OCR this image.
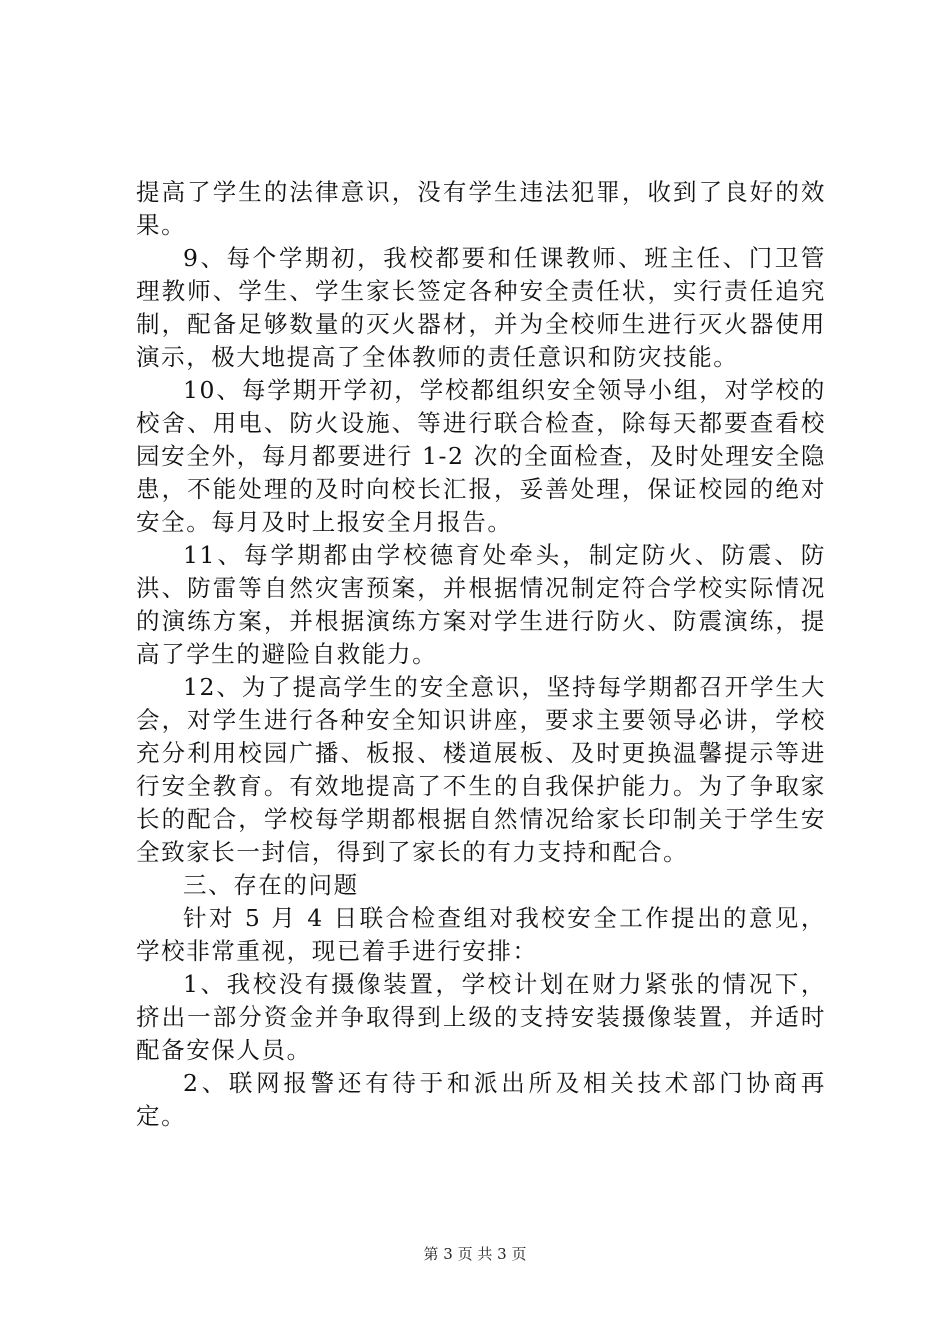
提高了学生的法律意识，没有学生违法犯罪，收到了良好的效果。

9、每个学期初，我校都要和任课教师、班主任、门卫管理教师、学生、学生家长签定各种安全责任状，实行责任追究制，配备足够数量的灭火器材，并为全校师生进行灭火器使用演示，极大地提高了全体教师的责任意识和防灾技能。

10、每学期开学初，学校都组织安全领导小组，对学校的校舍、用电、防火设施、等进行联合检查，除每天都要查看校园安全外，每月都要进行 1-2 次的全面检查，及时处理安全隐患，不能处理的及时向校长汇报，妥善处理，保证校园的绝对安全。每月及时上报安全月报告。

11、每学期都由学校德育处牵头，制定防火、防震、防洪、防雷等自然灾害预案，并根据情况制定符合学校实际情况的演练方案，并根据演练方案对学生进行防火、防震演练，提高了学生的避险自救能力。

12、为了提高学生的安全意识，坚持每学期都召开学生大会，对学生进行各种安全知识讲座，要求主要领导必讲，学校充分利用校园广播、板报、楼道展板、及时更换温馨提示等进行安全教育。有效地提高了不生的自我保护能力。为了争取家长的配合，学校每学期都根据自然情况给家长印制关于学生安全致家长一封信，得到了家长的有力支持和配合。

三、存在的问题

针对 5 月 4 日联合检查组对我校安全工作提出的意见，学校非常重视，现已着手进行安排：

1、我校没有摄像装置，学校计划在财力紧张的情况下，挤出一部分资金并争取得到上级的支持安装摄像装置，并适时配备安保人员。

2、联网报警还有待于和派出所及相关技术部门协商再定。

第 3 页 共 3 页
